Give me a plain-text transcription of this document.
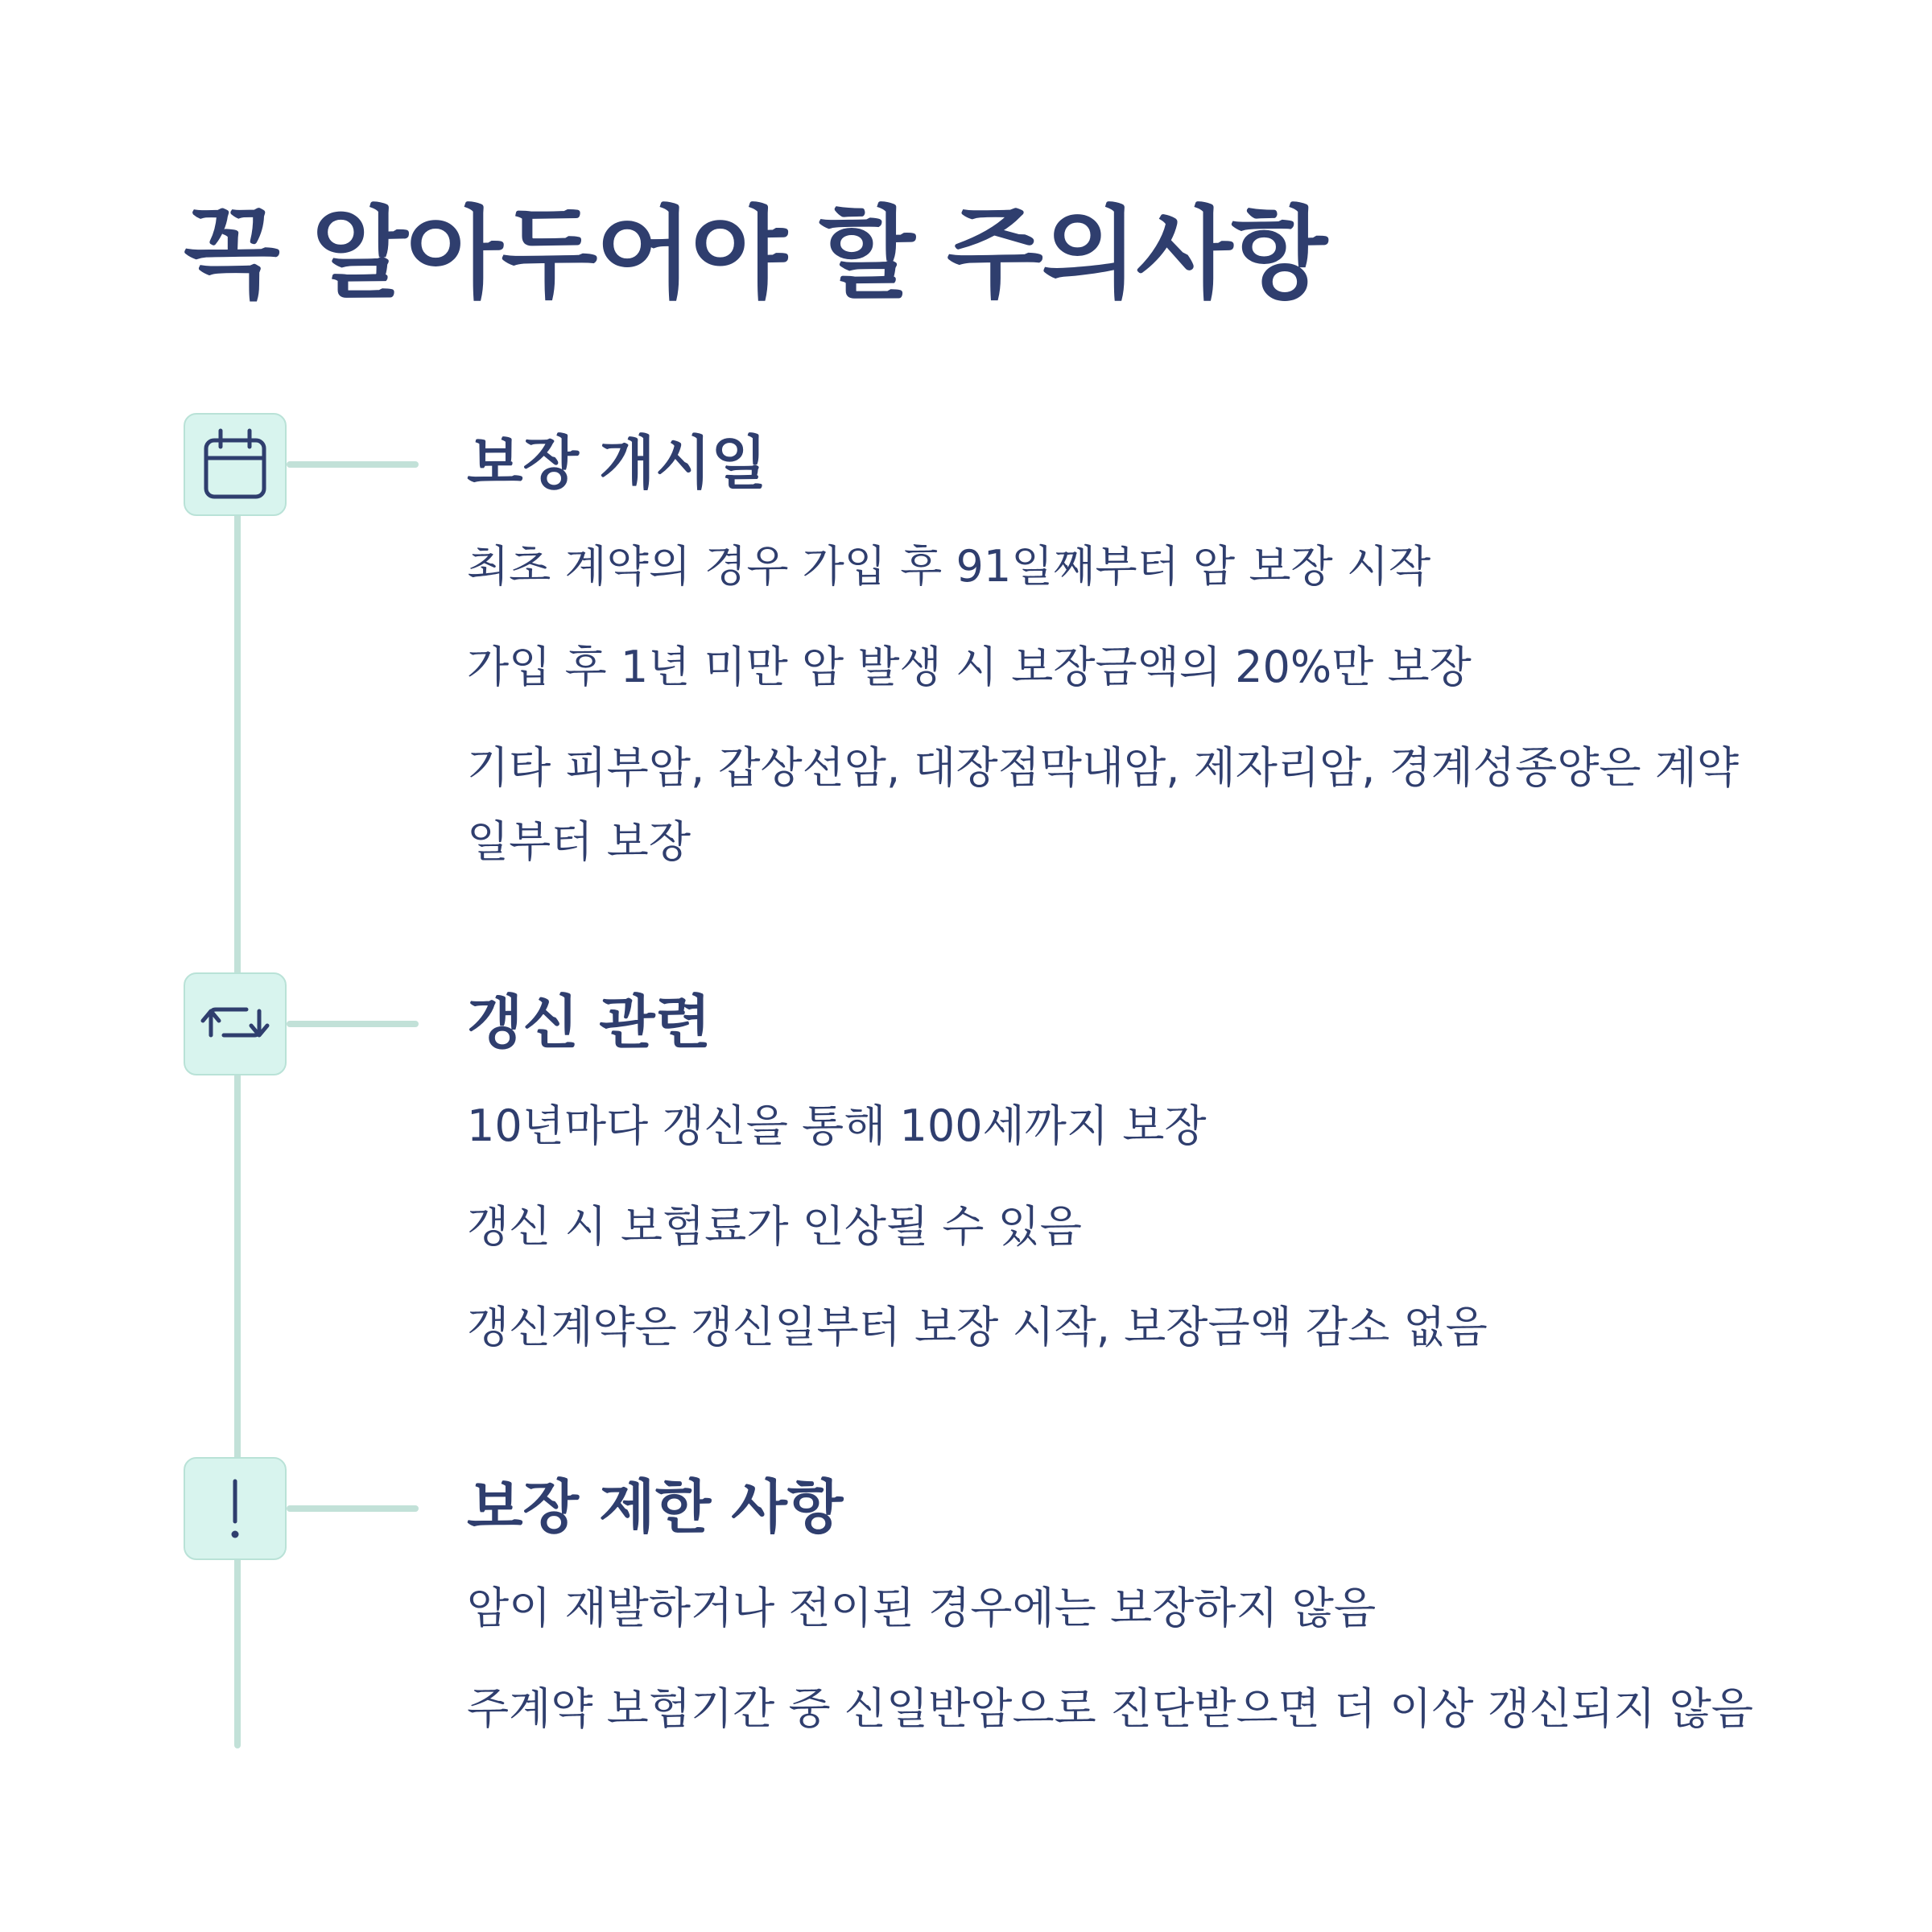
꼭 알아두어야 할 주의사항
보장 개시일
최초 계약의 경우 가입 후 91일째부터 암 보장 시작
가입 후 1년 미만 암 발생 시 보장금액의 20%만 보장
기타 피부암, 갑상선암, 대장점막내암, 제자리암, 경계성종양은 계약일부터 보장
갱신 관련
10년마다 갱신을 통해 100세까지 보장
갱신 시 보험료가 인상될 수 있음
갱신계약은 갱신일부터 보장 시작, 보장금액 감소 없음
보장 제한 사항
암이 재발하거나 전이된 경우에는 보장하지 않음
주계약 보험기간 중 신일반암으로 진단받으면 더 이상 갱신되지 않음
